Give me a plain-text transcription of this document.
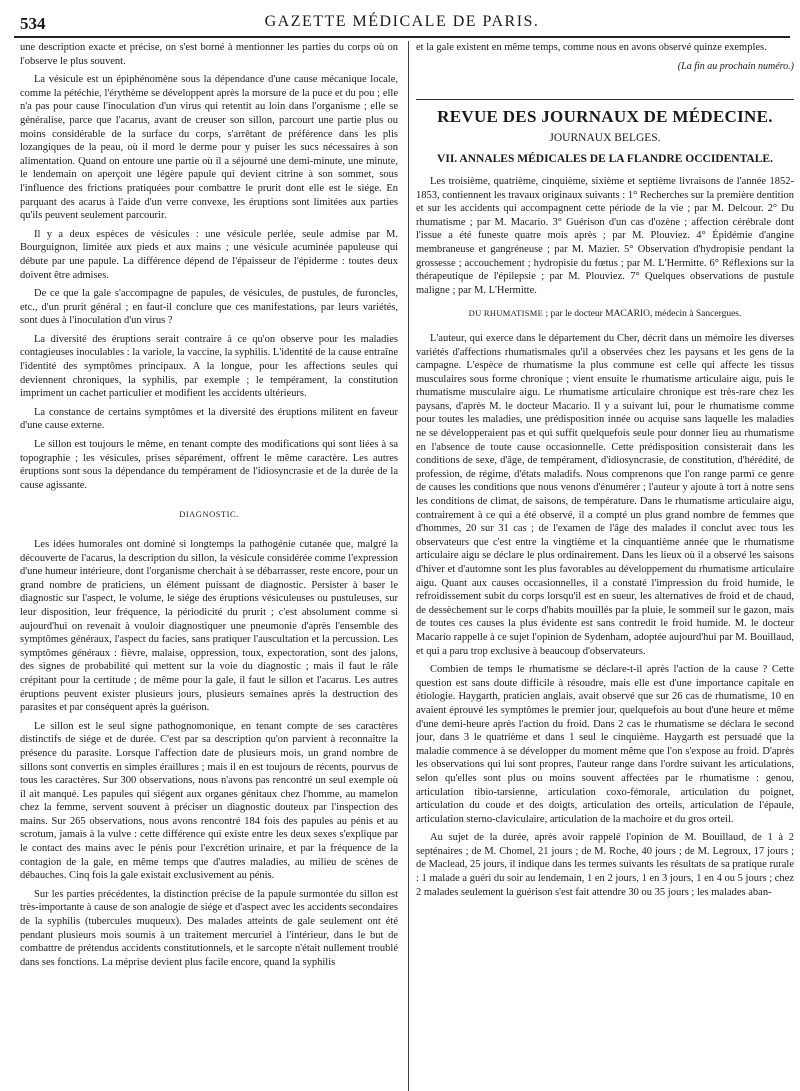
534	GAZETTE MÉDICALE DE PARIS.

une description exacte et précise, on s'est borné à mentionner les parties du corps où on l'observe le plus souvent.

La vésicule est un épiphénomène sous la dépendance d'une cause mécanique locale, comme la pétéchie, l'érythème se développent après la morsure de la puce et du pou ; elle n'a pas pour cause l'inoculation d'un virus qui retentit au loin dans l'organisme ; elle se généralise, parce que l'acarus, avant de creuser son sillon, parcourt une partie plus ou moins considérable de la surface du corps, s'arrêtant de préférence dans les plis lozangiques de la peau, où il mord le derme pour y puiser les sucs nécessaires à son alimentation. Quand on entoure une partie où il a séjourné une demi-minute, une minute, le lendemain on aperçoit une légère papule qui devient citrine à son sommet, sous l'influence des frictions pratiquées pour combattre le prurit dont elle est le siége. En parquant des acarus à l'aide d'un verre convexe, les éruptions sont limitées aux parties qu'ils peuvent seulement parcourir.

Il y a deux espèces de vésicules : une vésicule perlée, seule admise par M. Bourguignon, limitée aux pieds et aux mains ; une vésicule acuminée papuleuse qui débute par une papule. La différence dépend de l'épaisseur de l'épiderme : toutes deux doivent être admises.

De ce que la gale s'accompagne de papules, de vésicules, de pustules, de furoncles, etc., d'un prurit général ; en faut-il conclure que ces manifestations, par leurs variétés, sont dues à l'inoculation d'un virus ?

La diversité des éruptions serait contraire à ce qu'on observe pour les maladies contagieuses inoculables : la variole, la vaccine, la syphilis. L'identité de la cause entraîne l'identité des symptômes principaux. A la longue, pour les affections seules qui deviennent chroniques, la syphilis, par exemple ; le tempérament, la constitution impriment un cachet particulier et modifient les accidents ultérieurs.

La constance de certains symptômes et la diversité des éruptions militent en faveur d'une cause externe.

Le sillon est toujours le même, en tenant compte des modifications qui sont liées à sa topographie ; les vésicules, prises séparément, offrent le même caractère. Les autres éruptions sont sous la dépendance du tempérament de l'idiosyncrasie et de la durée de la cause agissante.

DIAGNOSTIC.

Les idées humorales ont dominé si longtemps la pathogénie cutanée que, malgré la découverte de l'acarus, la description du sillon, la vésicule considérée comme l'expression d'une humeur intérieure, dont l'organisme cherchait à se débarrasser, reste encore, pour un grand nombre de praticiens, un élément puissant de diagnostic. Persister à baser le diagnostic sur l'aspect, le volume, le siége des éruptions vésiculeuses ou pustuleuses, sur leur disposition, leur fréquence, la périodicité du prurit ; c'est absolument comme si aujourd'hui on revenait à vouloir diagnostiquer une pneumonie d'après l'ensemble des symptômes généraux, l'aspect du facies, sans pratiquer l'auscultation et la percussion. Les symptômes généraux : fièvre, malaise, oppression, toux, expectoration, sont des jalons, des signes de probabilité qui mettent sur la voie du diagnostic ; mais il faut le râle crépitant pour la certitude ; de même pour la gale, il faut le sillon et l'acarus. Les autres éruptions peuvent exister plusieurs jours, plusieurs semaines après la destruction des parasites et par conséquent après la guérison.

Le sillon est le seul signe pathognomonique, en tenant compte de ses caractères distinctifs de siége et de durée. C'est par sa description qu'on parvient à reconnaître la présence du parasite. Lorsque l'affection date de plusieurs mois, un grand nombre de sillons sont convertis en simples éraillures ; mais il en est toujours de récents, pourvus de tous les caractères. Sur 300 observations, nous n'avons pas rencontré un seul exemple où il ait manqué. Les papules qui siégent aux organes génitaux chez l'homme, au mamelon chez la femme, servent souvent à préciser un diagnostic douteux par l'inspection des mains. Sur 265 observations, nous avons rencontré 184 fois des papules au pénis et au scrotum, jamais à la vulve : cette différence qui existe entre les deux sexes s'explique par le contact des mains avec le pénis pour l'excrétion urinaire, et par la fréquence de la contagion de la gale, en même temps que d'autres maladies, au milieu de scènes de débauches. Cinq fois la gale existait exclusivement au pénis.

Sur les parties précédentes, la distinction précise de la papule surmontée du sillon est très-importante à cause de son analogie de siége et d'aspect avec les accidents secondaires de la syphilis (tubercules muqueux). Des malades atteints de gale seulement ont été pendant plusieurs mois soumis à un traitement mercuriel à l'intérieur, dans le but de combattre de prétendus accidents constitutionnels, et le sarcopte n'était nullement troublé dans ses fonctions. La méprise devient plus facile encore, quand la syphilis

et la gale existent en même temps, comme nous en avons observé quinze exemples.

(La fin au prochain numéro.)
REVUE DES JOURNAUX DE MÉDECINE.
JOURNAUX BELGES.
VII. ANNALES MÉDICALES DE LA FLANDRE OCCIDENTALE.

Les troisième, quatrième, cinquième, sixième et septième livraisons de l'année 1852-1853, contiennent les travaux originaux suivants : 1° Recherches sur la première dentition et sur les accidents qui accompagnent cette période de la vie ; par M. Delcour. 2° Du rhumatisme ; par M. Macario. 3° Guérison d'un cas d'ozène ; affection cérébrale dont l'issue a été funeste quatre mois après ; par M. Plouviez. 4° Épidémie d'angine membraneuse et gangréneuse ; par M. Mazier. 5° Observation d'hydropisie pendant la grossesse ; accouchement ; hydropisie du fœtus ; par M. L'Hermitte. 6° Réflexions sur la thérapeutique de l'épilepsie ; par M. Plouviez. 7° Quelques observations de pustule maligne ; par M. L'Hermitte.

DU RHUMATISME ; par le docteur MACARIO, médecin à Sancergues.

L'auteur, qui exerce dans le département du Cher, décrit dans un mémoire les diverses variétés d'affections rhumatismales qu'il a observées chez les paysans et les gens de la campagne. L'espèce de rhumatisme la plus commune est celle qui affecte les tissus musculaires sous forme chronique ; vient ensuite le rhumatisme articulaire aigu, puis le rhumatisme musculaire aigu. Le rhumatisme articulaire chronique est très-rare chez les paysans, d'après M. le docteur Macario. Il y a suivant lui, pour le rhumatisme comme pour toutes les maladies, une prédisposition innée ou acquise sans laquelle les maladies ne se développeraient pas et qui suffit quelquefois seule pour donner lieu au rhumatisme en l'absence de toute cause occasionnelle. Cette prédisposition consisterait dans les conditions de sexe, d'âge, de tempérament, d'idiosyncrasie, de constitution, d'hérédité, de profession, de régime, d'états maladifs. Nous comprenons que l'on range parmi ce genre de causes les conditions que nous venons d'énumérer ; l'auteur y ajoute à tort à notre sens les conditions de climat, de saisons, de température. Dans le rhumatisme articulaire aigu, contrairement à ce qui a été observé, il a compté un plus grand nombre de femmes que d'hommes, 20 sur 31 cas ; de l'examen de l'âge des malades il conclut avec tous les observateurs que c'est entre la vingtième et la cinquantième année que le rhumatisme articulaire aigu se déclare le plus ordinairement. Dans les lieux où il a observé les saisons d'hiver et d'automne sont les plus favorables au développement du rhumatisme articulaire aigu. Quant aux causes occasionnelles, il a constaté l'impression du froid humide, le refroidissement subit du corps lorsqu'il est en sueur, les alternatives de froid et de chaud, de dessèchement sur le corps d'habits mouillés par la pluie, le sommeil sur le gazon, mais de toutes ces causes la plus évidente est sans contredit le froid humide. M. le docteur Macario rappelle à ce sujet l'opinion de Sydenham, adoptée aujourd'hui par M. Bouillaud, et qui a paru trop exclusive à beaucoup d'observateurs.

Combien de temps le rhumatisme se déclare-t-il après l'action de la cause ? Cette question est sans doute difficile à résoudre, mais elle est d'une importance capitale en étiologie. Haygarth, praticien anglais, avait observé que sur 26 cas de rhumatisme, 10 en avaient éprouvé les symptômes le premier jour, quelquefois au bout d'une heure et même d'une demi-heure après l'action du froid. Dans 2 cas le rhumatisme se déclara le second jour, dans 3 le quatrième et dans 1 seul le cinquième. Haygarth est persuadé que la maladie commence à se développer du moment même que l'on s'expose au froid. D'après les observations qui lui sont propres, l'auteur range dans l'ordre suivant les articulations, selon qu'elles sont plus ou moins souvent affectées par le rhumatisme : genou, articulation tibio-tarsienne, articulation coxo-fémorale, articulation du poignet, articulation du coude et des doigts, articulation des orteils, articulation de l'épaule, articulation sterno-claviculaire, articulation de la machoire et du gros orteil.

Au sujet de la durée, après avoir rappelé l'opinion de M. Bouillaud, de 1 à 2 septénaires ; de M. Chomel, 21 jours ; de M. Roche, 40 jours ; de M. Legroux, 17 jours ; de Maclead, 25 jours, il indique dans les termes suivants les résultats de sa pratique rurale : 1 malade a guéri du soir au lendemain, 1 en 2 jours, 1 en 3 jours, 1 en 4 ou 5 jours ; chez 2 malades seulement la guérison s'est fait attendre 30 ou 35 jours ; les malades aban-
